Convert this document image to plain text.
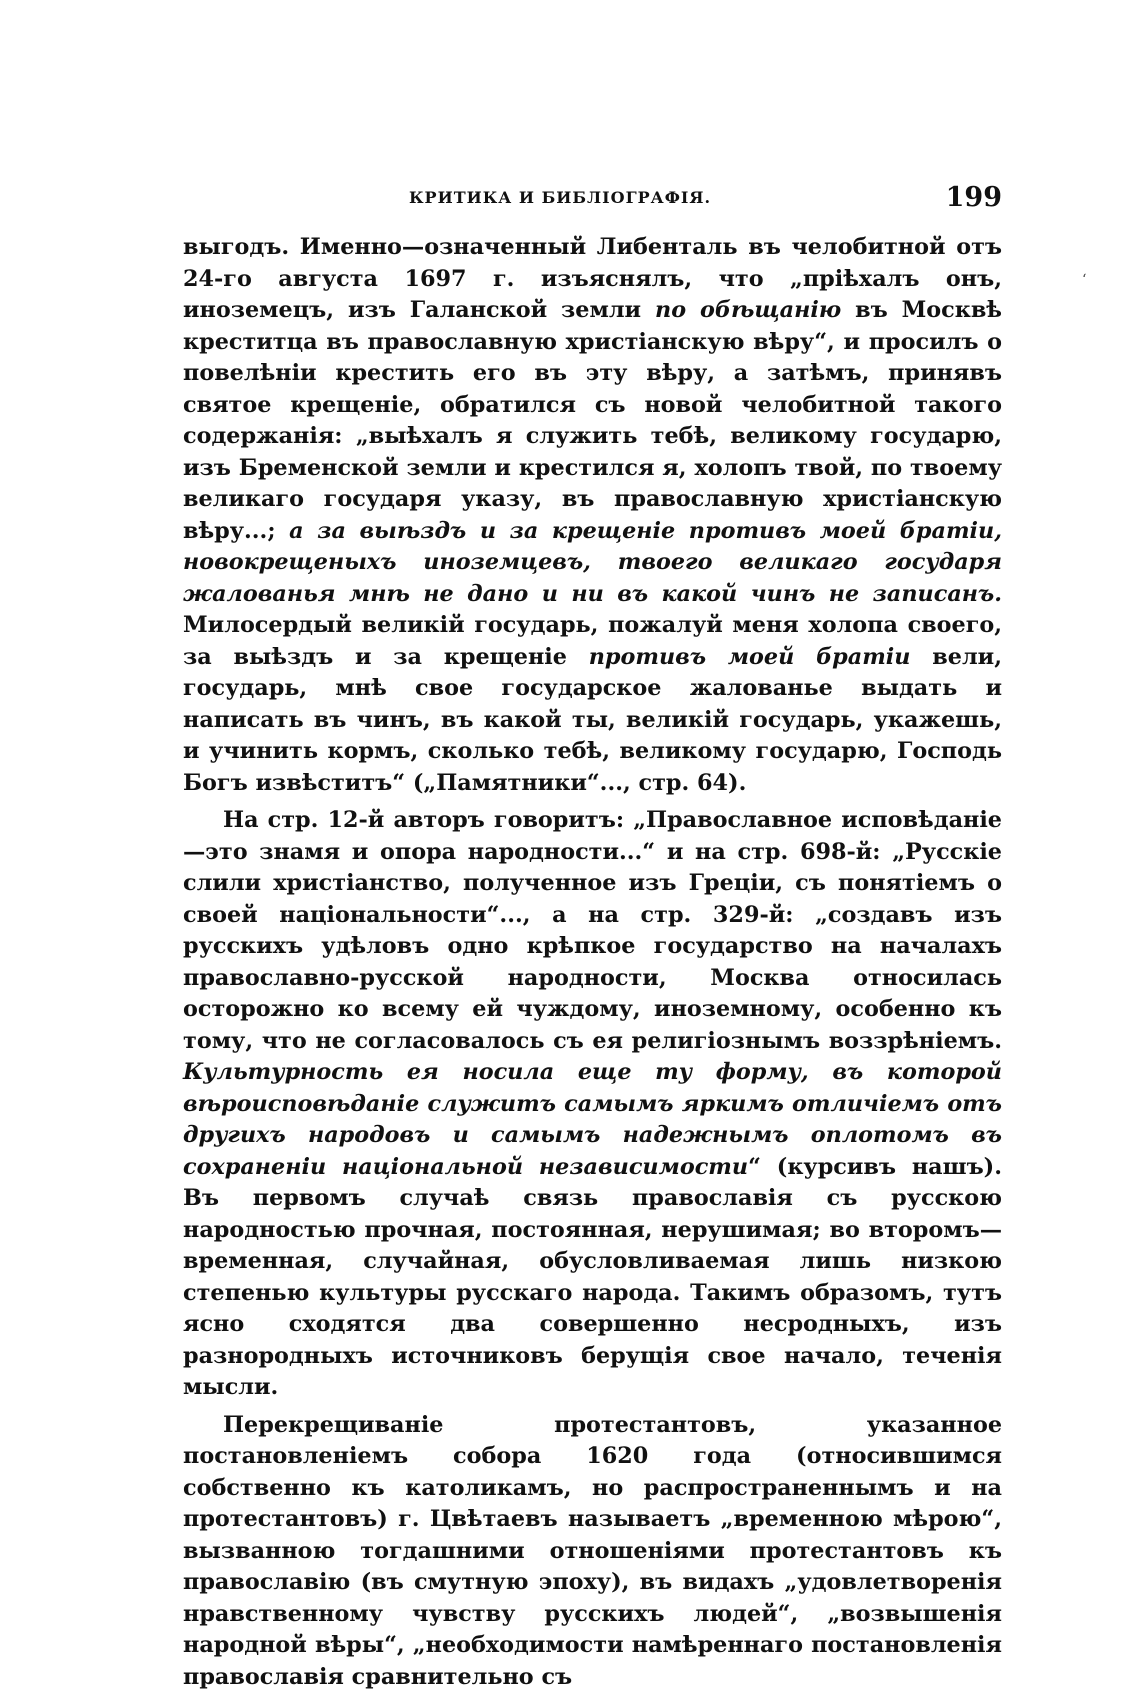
КРИТИКА И БИБЛІОГРАФІЯ.	199
‘

выгодъ. Именно—означенный Либенталь въ челобитной отъ 24-го августа 1697 г. изъяснялъ, что „пріѣхалъ онъ, иноземецъ, изъ Галанской земли по обѣщанію въ Москвѣ креститца въ православную христіанскую вѣру“, и просилъ о повелѣніи крестить его въ эту вѣру, а затѣмъ, принявъ святое крещеніе, обратился съ новой челобитной такого содержанія: „выѣхалъ я служить тебѣ, великому государю, изъ Бременской земли и крестился я, холопъ твой, по твоему великаго государя указу, въ православную христіанскую вѣру...; а за выѣздъ и за крещеніе противъ моей братіи, новокрещеныхъ иноземцевъ, твоего великаго государя жалованья мнѣ не дано и ни въ какой чинъ не записанъ. Милосердый великій государь, пожалуй меня холопа своего, за выѣздъ и за крещеніе противъ моей братіи вели, государь, мнѣ свое государское жалованье выдать и написать въ чинъ, въ какой ты, великій государь, укажешь, и учинить кормъ, сколько тебѣ, великому государю, Господь Богъ извѣститъ“ („Памятники“..., стр. 64).

На стр. 12-й авторъ говоритъ: „Православное исповѣданіе—это знамя и опора народности...“ и на стр. 698-й: „Русскіе слили христіанство, полученное изъ Греціи, съ понятіемъ о своей національности“..., а на стр. 329-й: „создавъ изъ русскихъ удѣловъ одно крѣпкое государство на началахъ православно-русской народности, Москва относилась осторожно ко всему ей чуждому, иноземному, особенно къ тому, что не согласовалось съ ея религіознымъ воззрѣніемъ. Культурность ея носила еще ту форму, въ которой вѣроисповѣданіе служитъ самымъ яркимъ отличіемъ отъ другихъ народовъ и самымъ надежнымъ оплотомъ въ сохраненіи національной независимости“ (курсивъ нашъ). Въ первомъ случаѣ связь православія съ русскою народностью прочная, постоянная, нерушимая; во второмъ—временная, случайная, обусловливаемая лишь низкою степенью культуры русскаго народа. Такимъ образомъ, тутъ ясно сходятся два совершенно несродныхъ, изъ разнородныхъ источниковъ берущія свое начало, теченія мысли.

Перекрещиваніе протестантовъ, указанное постановленіемъ собора 1620 года (относившимся собственно къ католикамъ, но распространеннымъ и на протестантовъ) г. Цвѣтаевъ называетъ „временною мѣрою“, вызванною тогдашними отношеніями протестантовъ къ православію (въ смутную эпоху), въ видахъ „удовлетворенія нравственному чувству русскихъ людей“, „возвышенія народной вѣры“, „необходимости намѣреннаго постановленія православія сравнительно съ
